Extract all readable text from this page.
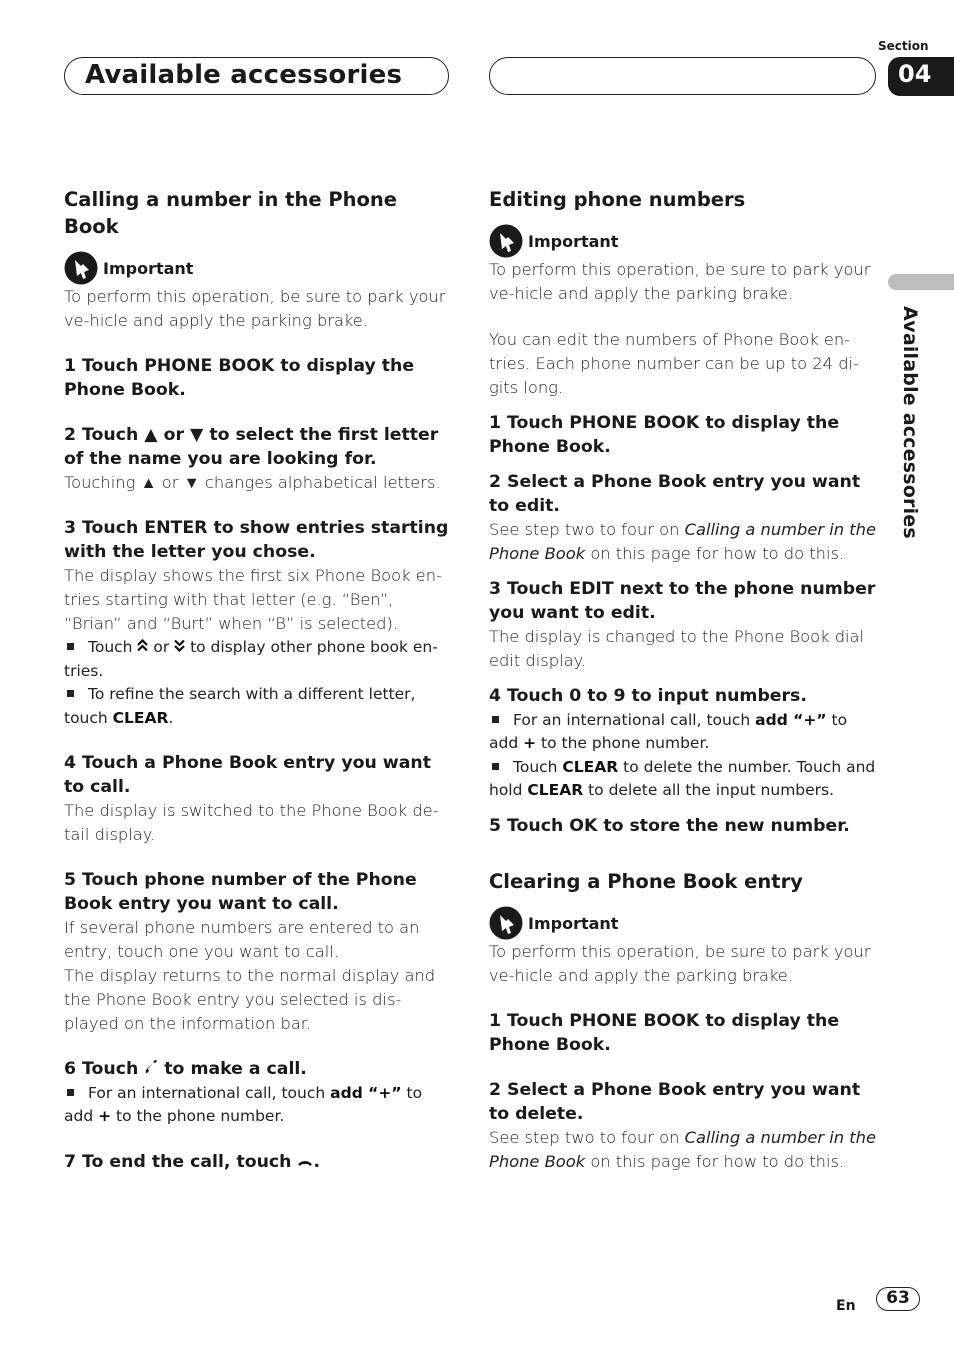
Available accessories
Section
04
Available accessories

Calling a number in the Phone Book

Important

To perform this operation, be sure to park your ve-hicle and apply the parking brake.

1 Touch PHONE BOOK to display the Phone Book.

2 Touch ▲ or ▼ to select the first letter of the name you are looking for.

Touching ▲ or ▼ changes alphabetical letters.

3 Touch ENTER to show entries starting with the letter you chose.

The display shows the first six Phone Book en-tries starting with that letter (e.g. “Ben”, “Brian” and “Burt” when “B” is selected).

Touch  or  to display other phone book en-tries.

To refine the search with a different letter, touch CLEAR.

4 Touch a Phone Book entry you want to call.

The display is switched to the Phone Book de-tail display.

5 Touch phone number of the Phone Book entry you want to call.

If several phone numbers are entered to an entry, touch one you want to call.

The display returns to the normal display and the Phone Book entry you selected is dis-played on the information bar.

6 Touch  to make a call.

For an international call, touch add “+” to add + to the phone number.

7 To end the call, touch .

Editing phone numbers

Important

To perform this operation, be sure to park your ve-hicle and apply the parking brake.

You can edit the numbers of Phone Book en-tries. Each phone number can be up to 24 di-gits long.

1 Touch PHONE BOOK to display the Phone Book.

2 Select a Phone Book entry you want to edit.

See step two to four on Calling a number in the Phone Book on this page for how to do this.

3 Touch EDIT next to the phone number you want to edit.

The display is changed to the Phone Book dial edit display.

4 Touch 0 to 9 to input numbers.

For an international call, touch add “+” to add + to the phone number.

Touch CLEAR to delete the number. Touch and hold CLEAR to delete all the input numbers.

5 Touch OK to store the new number.

Clearing a Phone Book entry

Important

To perform this operation, be sure to park your ve-hicle and apply the parking brake.

1 Touch PHONE BOOK to display the Phone Book.

2 Select a Phone Book entry you want to delete.

See step two to four on Calling a number in the Phone Book on this page for how to do this.

En	63
